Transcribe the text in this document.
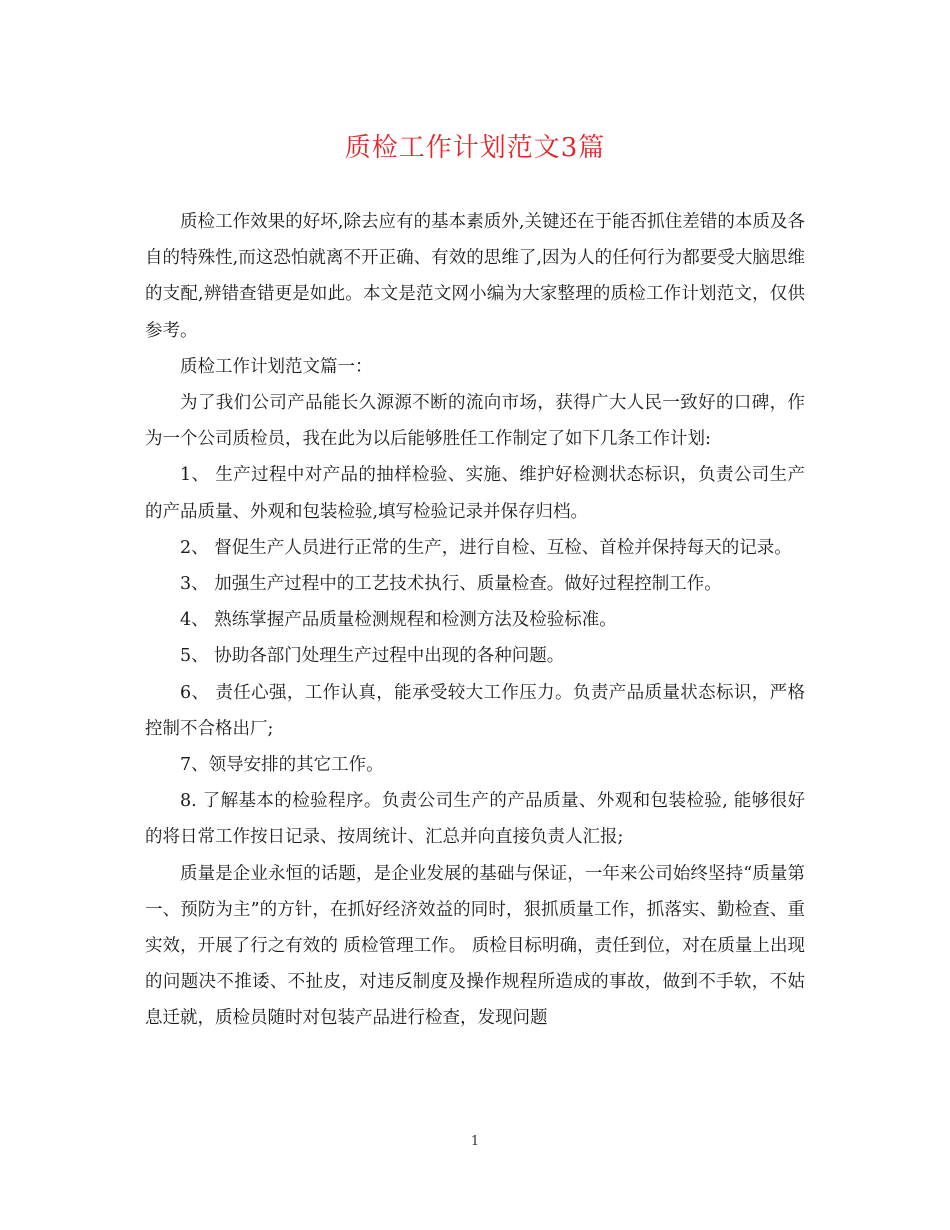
质检工作计划范文3篇

质检工作效果的好坏,除去应有的基本素质外,关键还在于能否抓住差错的本质及各自的特殊性,而这恐怕就离不开正确、有效的思维了,因为人的任何行为都要受大脑思维的支配,辨错查错更是如此。本文是范文网小编为大家整理的质检工作计划范文，仅供参考。

质检工作计划范文篇一：

为了我们公司产品能长久源源不断的流向市场，获得广大人民一致好的口碑，作为一个公司质检员，我在此为以后能够胜任工作制定了如下几条工作计划:

1、 生产过程中对产品的抽样检验、实施、维护好检测状态标识，负责公司生产的产品质量、外观和包装检验,填写检验记录并保存归档。

2、 督促生产人员进行正常的生产，进行自检、互检、首检并保持每天的记录。

3、 加强生产过程中的工艺技术执行、质量检查。做好过程控制工作。

4、 熟练掌握产品质量检测规程和检测方法及检验标准。

5、 协助各部门处理生产过程中出现的各种问题。

6、 责任心强，工作认真，能承受较大工作压力。负责产品质量状态标识，严格控制不合格出厂;

7、领导安排的其它工作。

8. 了解基本的检验程序。负责公司生产的产品质量、外观和包装检验, 能够很好的将日常工作按日记录、按周统计、汇总并向直接负责人汇报;

质量是企业永恒的话题，是企业发展的基础与保证，一年来公司始终坚持“质量第一、预防为主”的方针，在抓好经济效益的同时，狠抓质量工作，抓落实、勤检查、重实效，开展了行之有效的 质检管理工作。 质检目标明确，责任到位，对在质量上出现的问题决不推诿、不扯皮，对违反制度及操作规程所造成的事故，做到不手软，不姑息迁就，质检员随时对包装产品进行检查，发现问题

1
